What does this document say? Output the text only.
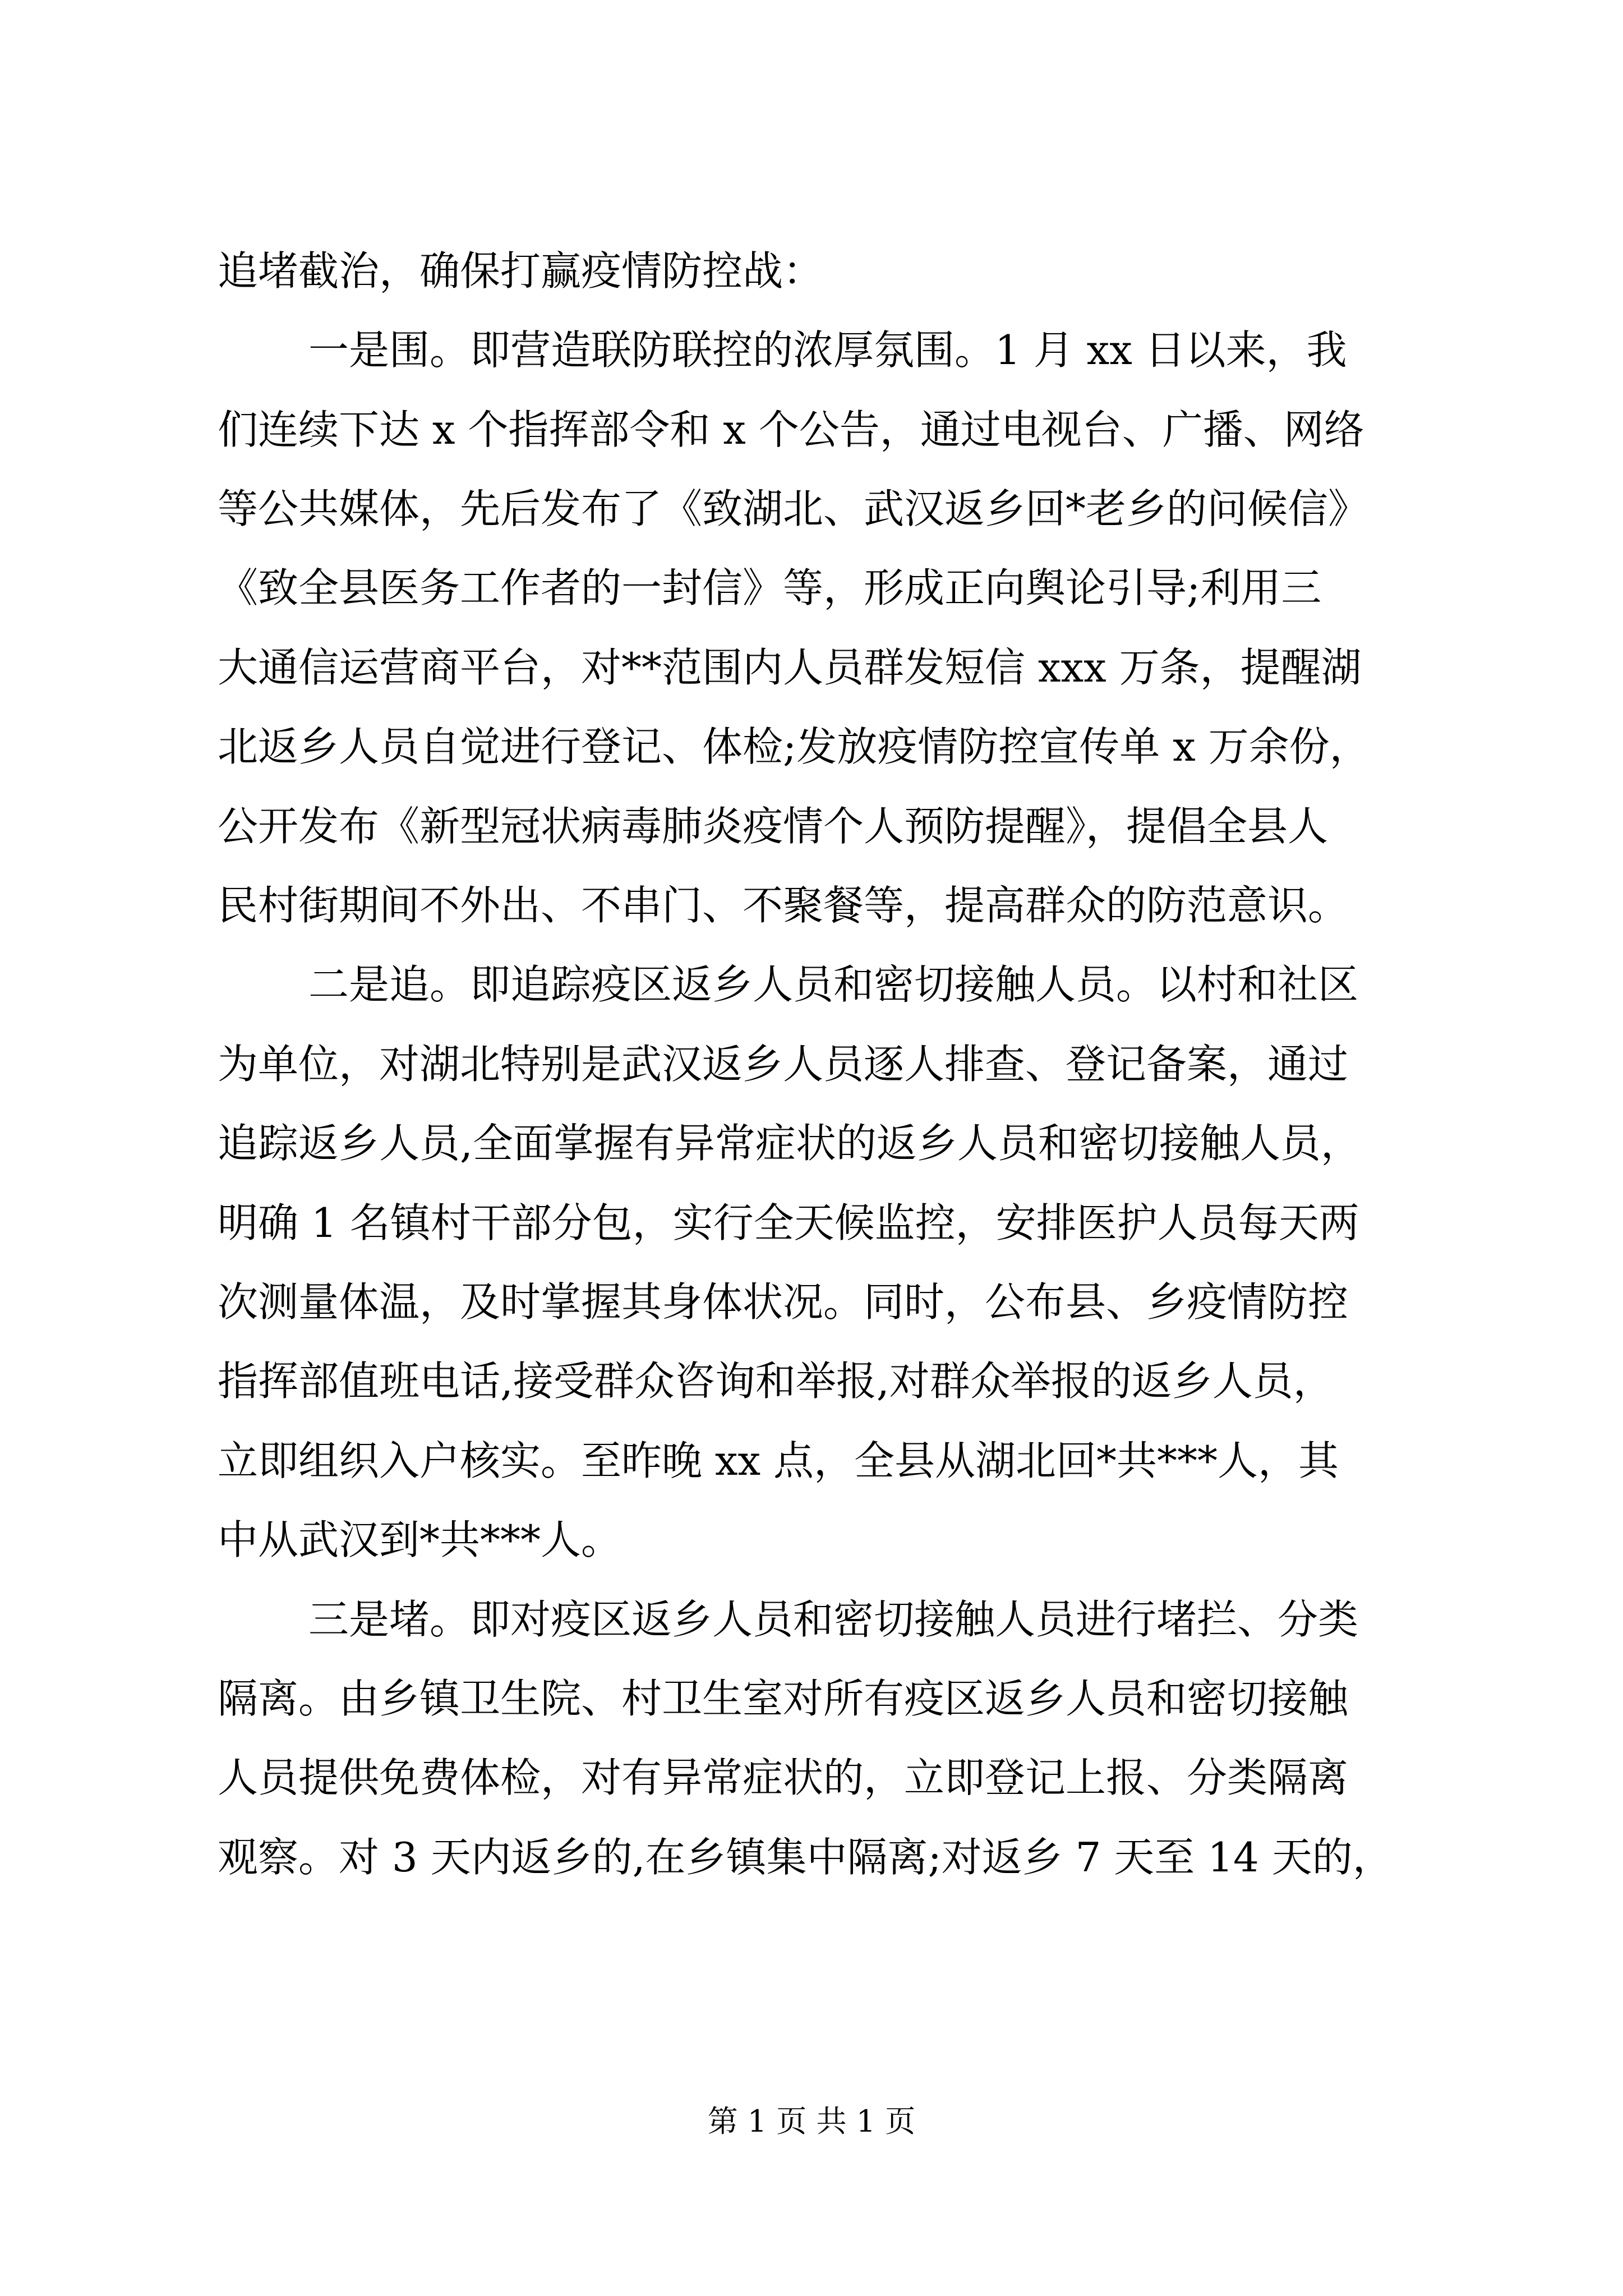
追堵截治，确保打赢疫情防控战：
一是围。即营造联防联控的浓厚氛围。1 月 xx 日以来，我
们连续下达 x 个指挥部令和 x 个公告，通过电视台、广播、网络
等公共媒体，先后发布了《致湖北、武汉返乡回*老乡的问候信》
《致全县医务工作者的一封信》等，形成正向舆论引导;利用三
大通信运营商平台，对**范围内人员群发短信 xxx 万条，提醒湖
北返乡人员自觉进行登记、体检;发放疫情防控宣传单 x 万余份，
公开发布《新型冠状病毒肺炎疫情个人预防提醒》，提倡全县人
民村街期间不外出、不串门、不聚餐等，提高群众的防范意识。
二是追。即追踪疫区返乡人员和密切接触人员。以村和社区
为单位，对湖北特别是武汉返乡人员逐人排查、登记备案，通过
追踪返乡人员,全面掌握有异常症状的返乡人员和密切接触人员，
明确 1 名镇村干部分包，实行全天候监控，安排医护人员每天两
次测量体温，及时掌握其身体状况。同时，公布县、乡疫情防控
指挥部值班电话,接受群众咨询和举报,对群众举报的返乡人员，
立即组织入户核实。至昨晚 xx 点，全县从湖北回*共***人，其
中从武汉到*共***人。
三是堵。即对疫区返乡人员和密切接触人员进行堵拦、分类
隔离。由乡镇卫生院、村卫生室对所有疫区返乡人员和密切接触
人员提供免费体检，对有异常症状的，立即登记上报、分类隔离
观察。对 3 天内返乡的,在乡镇集中隔离;对返乡 7 天至 14 天的，
第 1 页 共 1 页
